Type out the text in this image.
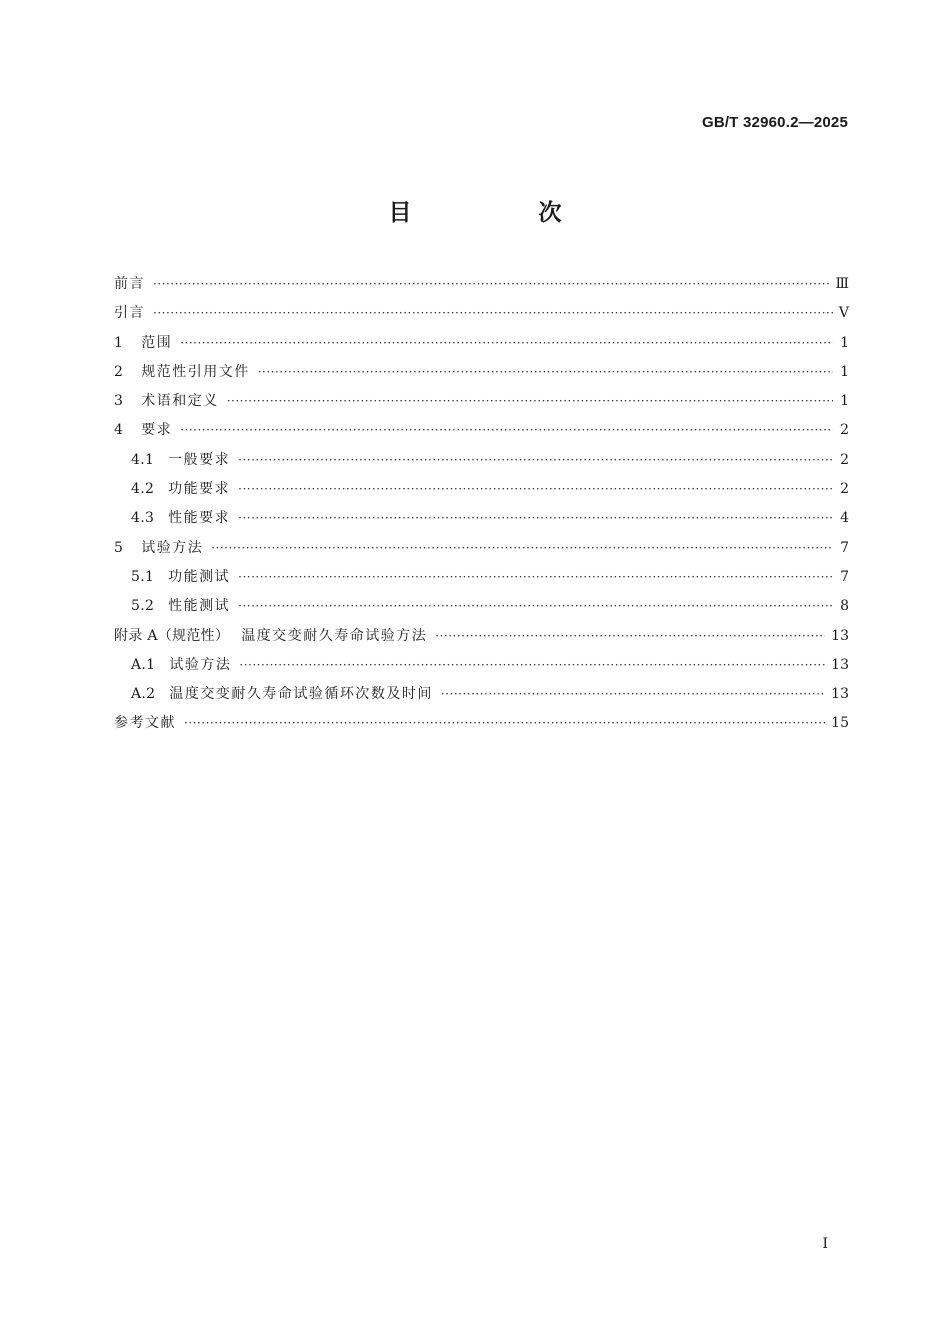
GB/T 32960.2—2025
目　次
前言 ·····	Ⅲ
引言 ·····	Ⅴ
1 范围 ·····	1
2 规范性引用文件 ·····	1
3 术语和定义 ·····	1
4 要求 ·····	2
4.1 一般要求 ·····	2
4.2 功能要求 ·····	2
4.3 性能要求 ·····	4
5 试验方法 ·····	7
5.1 功能测试 ·····	7
5.2 性能测试 ·····	8
附录 A（规范性） 温度交变耐久寿命试验方法 ·····	13
A.1 试验方法 ·····	13
A.2 温度交变耐久寿命试验循环次数及时间 ·····	13
参考文献 ·····	15
I
